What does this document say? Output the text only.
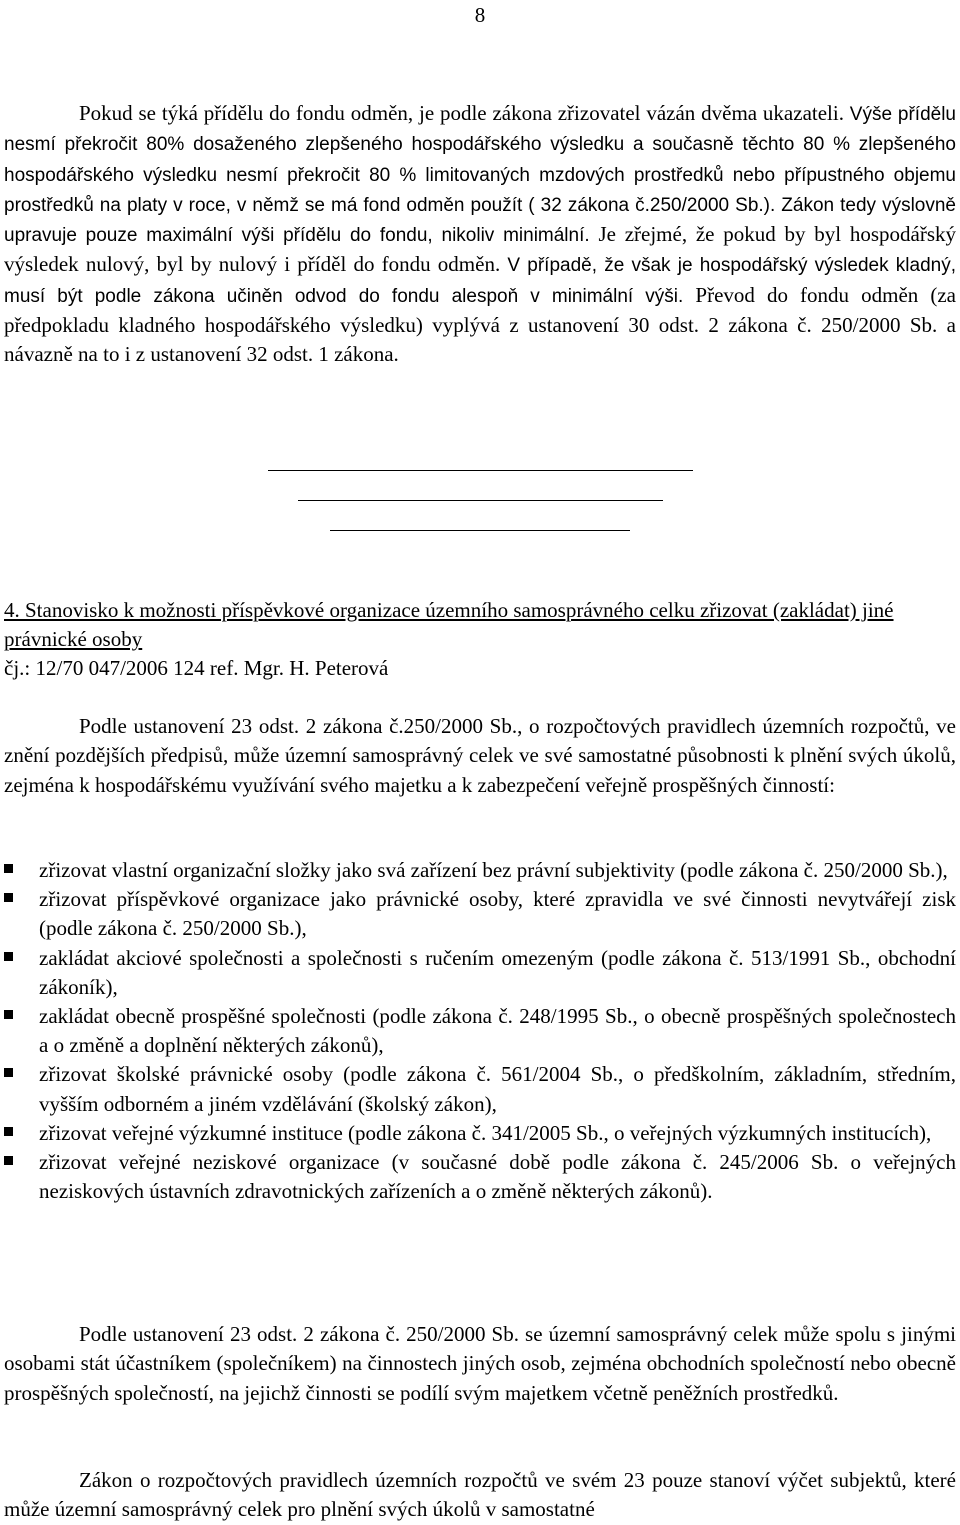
8
Pokud se týká přídělu do fondu odměn, je podle zákona zřizovatel vázán dvěma ukazateli. Výše přídělu nesmí překročit 80% dosaženého zlepšeného hospodářského výsledku a současně těchto 80 % zlepšeného hospodářského výsledku nesmí překročit 80 % limitovaných mzdových prostředků nebo přípustného objemu prostředků na platy v roce, v němž se má fond odměn použít ( 32 zákona č.250/2000 Sb.). Zákon tedy výslovně upravuje pouze maximální výši přídělu do fondu, nikoliv minimální. Je zřejmé, že pokud by byl hospodářský výsledek nulový, byl by nulový i příděl do fondu odměn. V případě, že však je hospodářský výsledek kladný, musí být podle zákona učiněn odvod do fondu alespoň v minimální výši. Převod do fondu odměn (za předpokladu kladného hospodářského výsledku) vyplývá z ustanovení 30 odst. 2 zákona č. 250/2000 Sb. a návazně na to i z ustanovení 32 odst. 1 zákona.
4. Stanovisko k možnosti příspěvkové organizace územního samosprávného celku zřizovat (zakládat) jiné právnické osoby
čj.: 12/70 047/2006 124 ref. Mgr. H. Peterová
Podle ustanovení 23 odst. 2 zákona č.250/2000 Sb., o rozpočtových pravidlech územních rozpočtů, ve znění pozdějších předpisů, může územní samosprávný celek ve své samostatné působnosti k plnění svých úkolů, zejména k hospodářskému využívání svého majetku a k zabezpečení veřejně prospěšných činností:
zřizovat vlastní organizační složky jako svá zařízení bez právní subjektivity (podle zákona č. 250/2000 Sb.),
zřizovat příspěvkové organizace jako právnické osoby, které zpravidla ve své činnosti nevytvářejí zisk (podle zákona č. 250/2000 Sb.),
zakládat akciové společnosti a společnosti s ručením omezeným (podle zákona č. 513/1991 Sb., obchodní zákoník),
zakládat obecně prospěšné společnosti (podle zákona č. 248/1995 Sb., o obecně prospěšných společnostech a o změně a doplnění některých zákonů),
zřizovat školské právnické osoby (podle zákona č. 561/2004 Sb., o předškolním, základním, středním, vyšším odborném a jiném vzdělávání (školský zákon),
zřizovat veřejné výzkumné instituce (podle zákona č. 341/2005 Sb., o veřejných výzkumných institucích),
zřizovat veřejné neziskové organizace (v současné době podle zákona č. 245/2006 Sb. o veřejných neziskových ústavních zdravotnických zařízeních a o změně některých zákonů).
Podle ustanovení 23 odst. 2 zákona č. 250/2000 Sb. se územní samosprávný celek může spolu s jinými osobami stát účastníkem (společníkem) na činnostech jiných osob, zejména obchodních společností nebo obecně prospěšných společností, na jejichž činnosti se podílí svým majetkem včetně peněžních prostředků.
Zákon o rozpočtových pravidlech územních rozpočtů ve svém 23 pouze stanoví výčet subjektů, které může územní samosprávný celek pro plnění svých úkolů v samostatné
